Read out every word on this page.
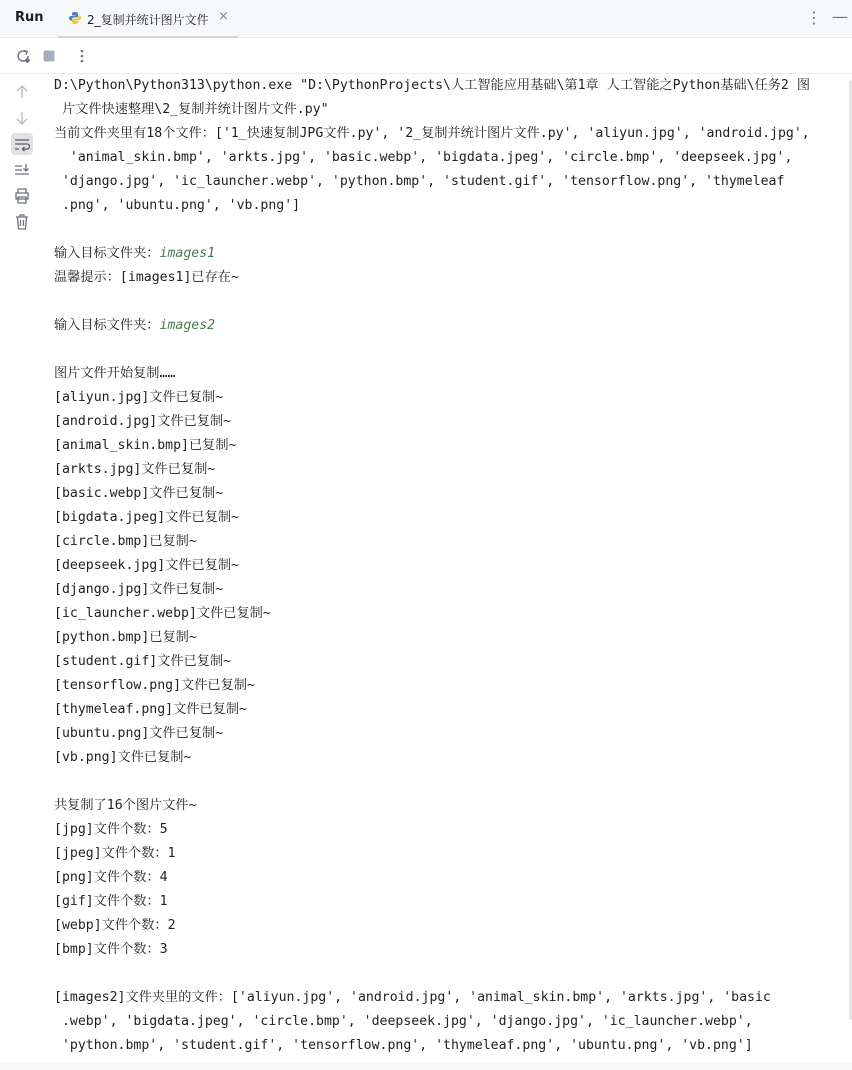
Run	2_复制并统计图片文件 ×	⋮ —
D:\Python\Python313\python.exe "D:\PythonProjects\人工智能应用基础\第1章 人工智能之Python基础\任务2 图
片文件快速整理\2_复制并统计图片文件.py"
当前文件夹里有18个文件：['1_快速复制JPG文件.py', '2_复制并统计图片文件.py', 'aliyun.jpg', 'android.jpg',
'animal_skin.bmp', 'arkts.jpg', 'basic.webp', 'bigdata.jpeg', 'circle.bmp', 'deepseek.jpg',
'django.jpg', 'ic_launcher.webp', 'python.bmp', 'student.gif', 'tensorflow.png', 'thymeleaf
.png', 'ubuntu.png', 'vb.png']
输入目标文件夹：images1
温馨提示：[images1]已存在~
输入目标文件夹：images2
图片文件开始复制……
[aliyun.jpg]文件已复制~
[android.jpg]文件已复制~
[animal_skin.bmp]已复制~
[arkts.jpg]文件已复制~
[basic.webp]文件已复制~
[bigdata.jpeg]文件已复制~
[circle.bmp]已复制~
[deepseek.jpg]文件已复制~
[django.jpg]文件已复制~
[ic_launcher.webp]文件已复制~
[python.bmp]已复制~
[student.gif]文件已复制~
[tensorflow.png]文件已复制~
[thymeleaf.png]文件已复制~
[ubuntu.png]文件已复制~
[vb.png]文件已复制~
共复制了16个图片文件~
[jpg]文件个数：5
[jpeg]文件个数：1
[png]文件个数：4
[gif]文件个数：1
[webp]文件个数：2
[bmp]文件个数：3
[images2]文件夹里的文件：['aliyun.jpg', 'android.jpg', 'animal_skin.bmp', 'arkts.jpg', 'basic
.webp', 'bigdata.jpeg', 'circle.bmp', 'deepseek.jpg', 'django.jpg', 'ic_launcher.webp',
'python.bmp', 'student.gif', 'tensorflow.png', 'thymeleaf.png', 'ubuntu.png', 'vb.png']
